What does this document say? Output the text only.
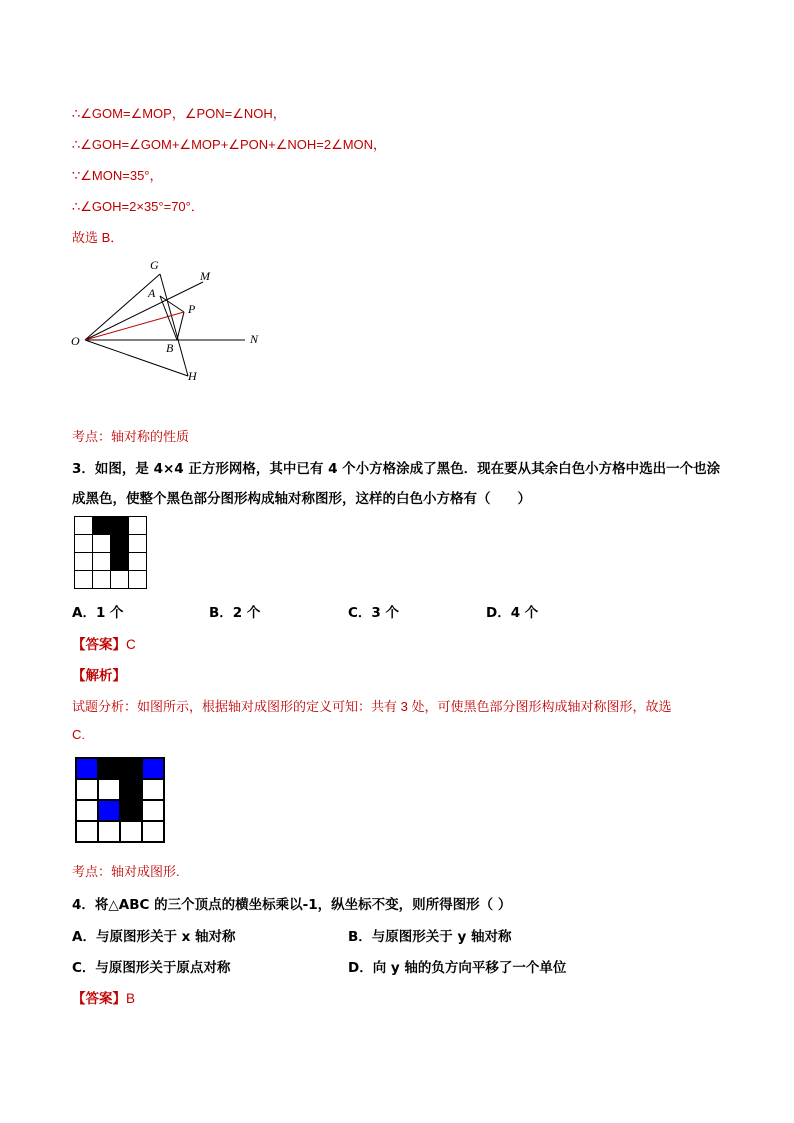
∴∠GOM=∠MOP，∠PON=∠NOH，
∴∠GOH=∠GOM+∠MOP+∠PON+∠NOH=2∠MON，
∵∠MON=35°，
∴∠GOH=2×35°=70°．
故选 B．
G
M
A
P
O	B
N
H
考点：轴对称的性质
3．如图，是 4×4 正方形网格，其中已有 4 个小方格涂成了黑色．现在要从其余白色小方格中选出一个也涂
成黑色，使整个黑色部分图形构成轴对称图形，这样的白色小方格有（　　）

A．1 个	B．2 个	C．3 个	D．4 个
【答案】C
【解析】
试题分析：如图所示，根据轴对成图形的定义可知：共有 3 处，可使黑色部分图形构成轴对称图形，故选
C.

考点：轴对成图形.
4．将△ABC 的三个顶点的横坐标乘以-1，纵坐标不变，则所得图形（ ）
A．与原图形关于 x 轴对称	B．与原图形关于 y 轴对称
C．与原图形关于原点对称	D．向 y 轴的负方向平移了一个单位
【答案】B
